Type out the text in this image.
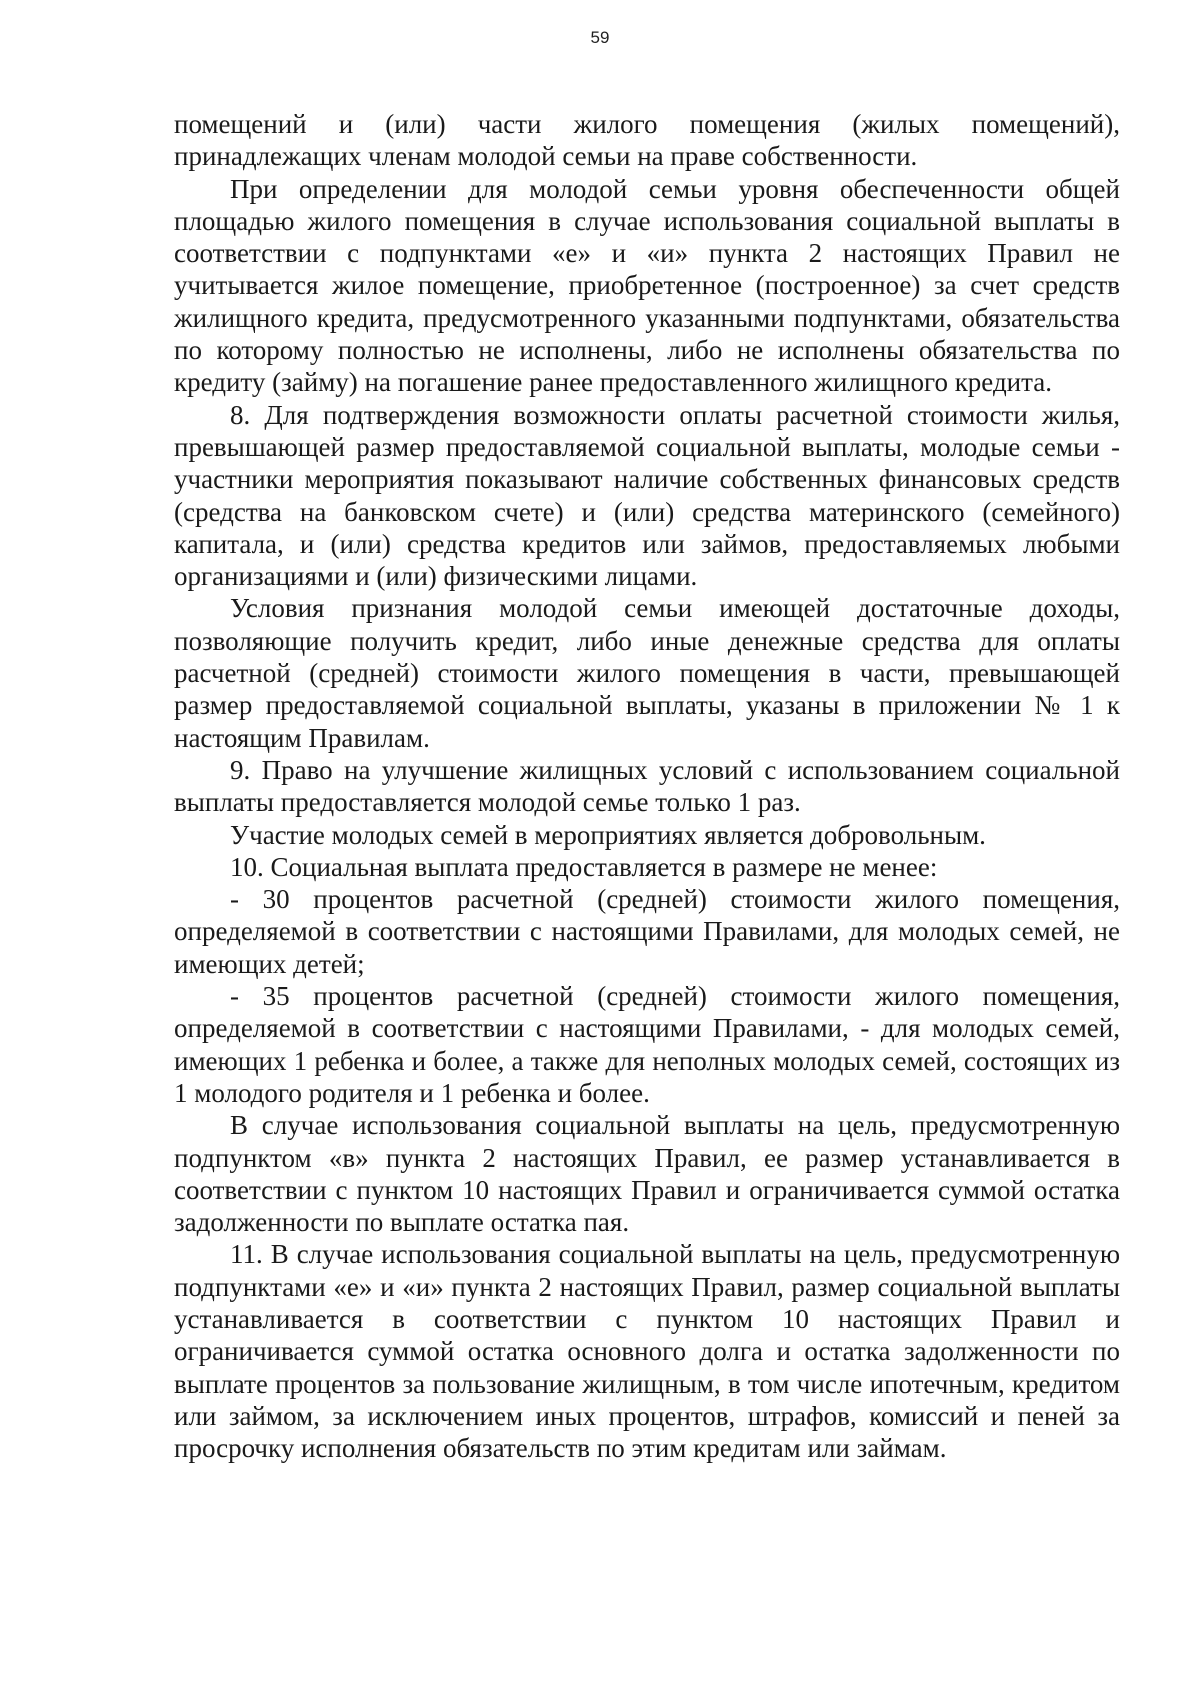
59

помещений и (или) части жилого помещения (жилых помещений), принадлежащих членам молодой семьи на праве собственности.

При определении для молодой семьи уровня обеспеченности общей площадью жилого помещения в случае использования социальной выплаты в соответствии с подпунктами «е» и «и» пункта 2 настоящих Правил не учитывается жилое помещение, приобретенное (построенное) за счет средств жилищного кредита, предусмотренного указанными подпунктами, обязательства по которому полностью не исполнены, либо не исполнены обязательства по кредиту (займу) на погашение ранее предоставленного жилищного кредита.

8. Для подтверждения возможности оплаты расчетной стоимости жилья, превышающей размер предоставляемой социальной выплаты, молодые семьи - участники мероприятия показывают наличие собственных финансовых средств (средства на банковском счете) и (или) средства материнского (семейного) капитала, и (или) средства кредитов или займов, предоставляемых любыми организациями и (или) физическими лицами.

Условия признания молодой семьи имеющей достаточные доходы, позволяющие получить кредит, либо иные денежные средства для оплаты расчетной (средней) стоимости жилого помещения в части, превышающей размер предоставляемой социальной выплаты, указаны в приложении № 1 к настоящим Правилам.

9. Право на улучшение жилищных условий с использованием социальной выплаты предоставляется молодой семье только 1 раз.

Участие молодых семей в мероприятиях является добровольным.

10. Социальная выплата предоставляется в размере не менее:

- 30 процентов расчетной (средней) стоимости жилого помещения, определяемой в соответствии с настоящими Правилами, для молодых семей, не имеющих детей;

- 35 процентов расчетной (средней) стоимости жилого помещения, определяемой в соответствии с настоящими Правилами, - для молодых семей, имеющих 1 ребенка и более, а также для неполных молодых семей, состоящих из 1 молодого родителя и 1 ребенка и более.

В случае использования социальной выплаты на цель, предусмотренную подпунктом «в» пункта 2 настоящих Правил, ее размер устанавливается в соответствии с пунктом 10 настоящих Правил и ограничивается суммой остатка задолженности по выплате остатка пая.

11. В случае использования социальной выплаты на цель, предусмотренную подпунктами «е» и «и» пункта 2 настоящих Правил, размер социальной выплаты устанавливается в соответствии с пунктом 10 настоящих Правил и ограничивается суммой остатка основного долга и остатка задолженности по выплате процентов за пользование жилищным, в том числе ипотечным, кредитом или займом, за исключением иных процентов, штрафов, комиссий и пеней за просрочку исполнения обязательств по этим кредитам или займам.
